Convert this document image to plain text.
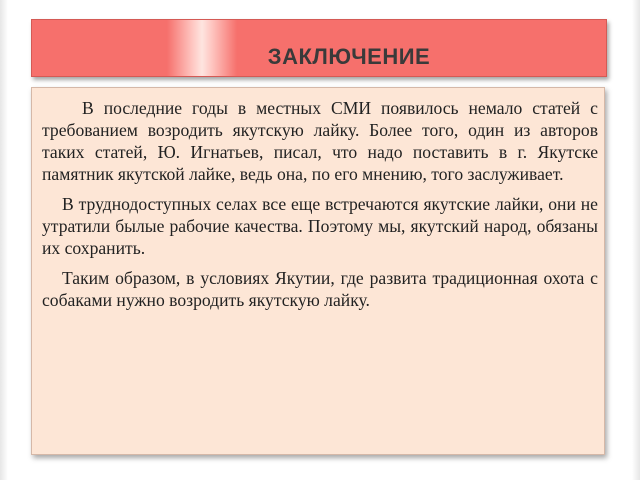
ЗАКЛЮЧЕНИЕ

В последние годы в местных СМИ появилось немало статей с требованием возродить якутскую лайку. Более того, один из авторов таких статей, Ю. Игнатьев, писал, что надо поставить в г. Якутске памятник якутской лайке, ведь она, по его мнению, того заслуживает.

В труднодоступных селах все еще встречаются якутские лайки, они не утратили былые рабочие качества. Поэтому мы, якутский народ, обязаны их сохранить.

Таким образом, в условиях Якутии, где развита традиционная охота с собаками нужно возродить якутскую лайку.
